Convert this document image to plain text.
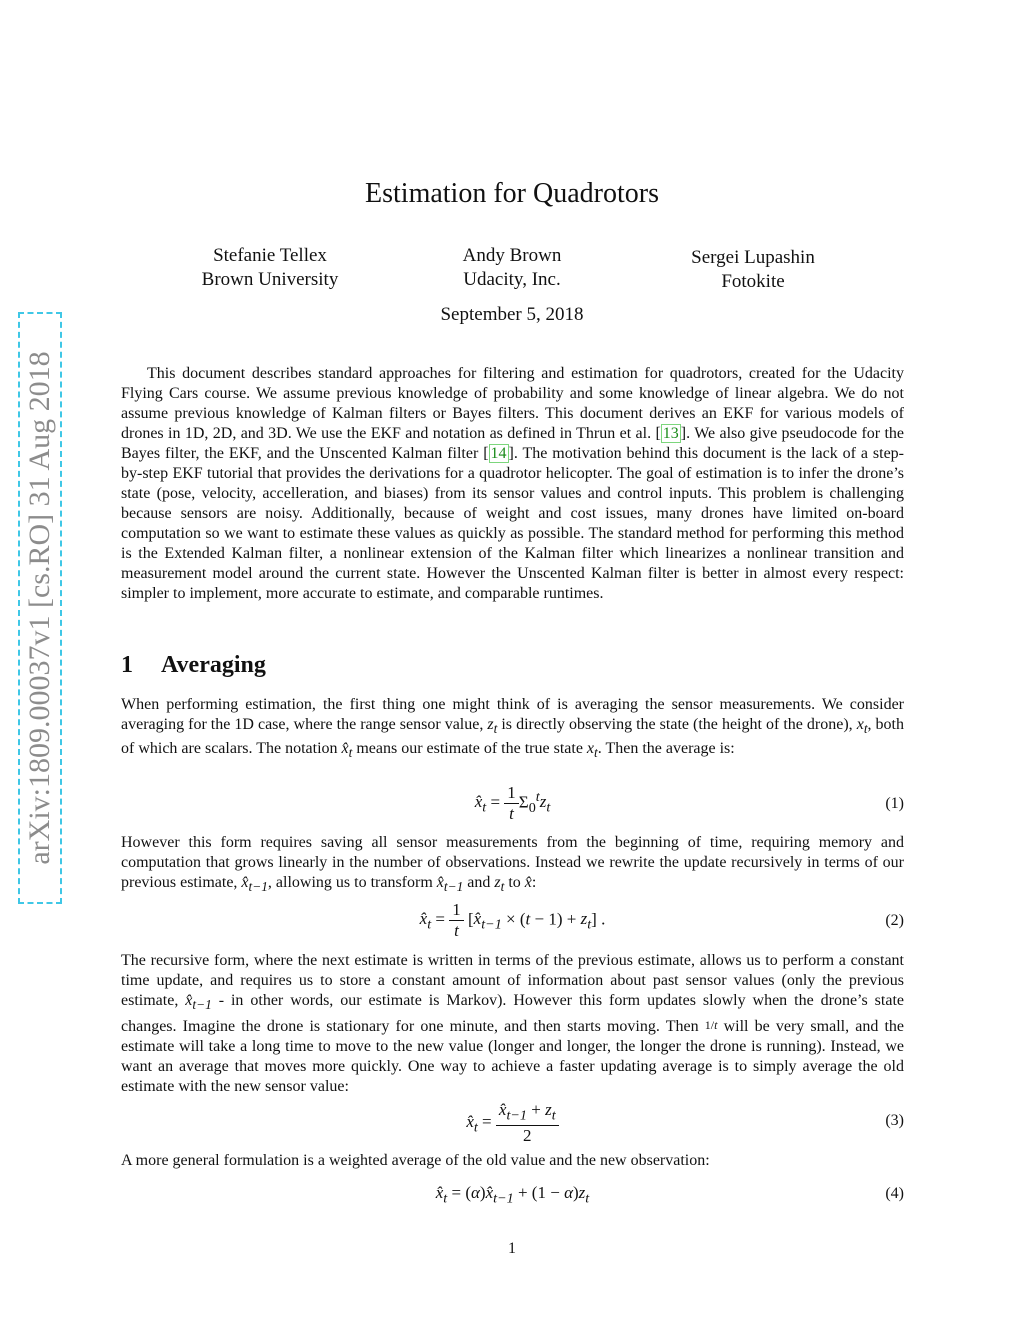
arXiv:1809.00037v1 [cs.RO] 31 Aug 2018
Estimation for Quadrotors
Stefanie Tellex
Brown University
Andy Brown
Udacity, Inc.
Sergei Lupashin
Fotokite
September 5, 2018

This document describes standard approaches for filtering and estimation for quadrotors, created for the Udacity Flying Cars course. We assume previous knowledge of probability and some knowledge of linear algebra. We do not assume previous knowledge of Kalman filters or Bayes filters. This document derives an EKF for various models of drones in 1D, 2D, and 3D. We use the EKF and notation as defined in Thrun et al. [ 13 ]. We also give pseudocode for the Bayes filter, the EKF, and the Unscented Kalman filter [ 14 ]. The motivation behind this document is the lack of a step-by-step EKF tutorial that provides the derivations for a quadrotor helicopter. The goal of estimation is to infer the drone’s state (pose, velocity, accelleration, and biases) from its sensor values and control inputs. This problem is challenging because sensors are noisy. Additionally, because of weight and cost issues, many drones have limited on-board computation so we want to estimate these values as quickly as possible. The standard method for performing this method is the Extended Kalman filter, a nonlinear extension of the Kalman filter which linearizes a nonlinear transition and measurement model around the current state. However the Unscented Kalman filter is better in almost every respect: simpler to implement, more accurate to estimate, and comparable runtimes.

1 Averaging

When performing estimation, the first thing one might think of is averaging the sensor measurements. We consider averaging for the 1D case, where the range sensor value, $z_t$ is directly observing the state (the height of the drone), $x_t$, both of which are scalars. The notation $x̂_t$ means our estimate of the true state $x_t$. Then the average is:

$x̂_t = \frac{1}{t} \Sigma_0^tz_t$	(1)

However this form requires saving all sensor measurements from the beginning of time, requiring memory and computation that grows linearly in the number of observations. Instead we rewrite the update recursively in terms of our previous estimate, $x̂_{t-1}$, allowing us to transform $x̂_{t-1}$ and $z_t$ to x̂:

$x̂_t = \frac{1}{t}$ $[x̂_{t-1} \times (t - 1) + z_t]$ .	(2)

The recursive form, where the next estimate is written in terms of the previous estimate, allows us to perform a constant time update, and requires us to store a constant amount of information about past sensor values (only the previous estimate, $x̂_{t-1}$ - in other words, our estimate is Markov). However this form updates slowly when the drone’s state changes. Imagine the drone is stationary for one minute, and then starts moving. Then 1/t will be very small, and the estimate will take a long time to move to the new value (longer and longer, the longer the drone is running). Instead, we want an average that moves more quickly. One way to achieve a faster updating average is to simply average the old estimate with the new sensor value:

$x̂_t = \frac{x̂_{t-1} + z_t}{2}$	(3)

A more general formulation is a weighted average of the old value and the new observation:

$x̂_t$ = $(\alpha)x̂_{t-1} + (1 - \alpha)z_t$	(4)
1
